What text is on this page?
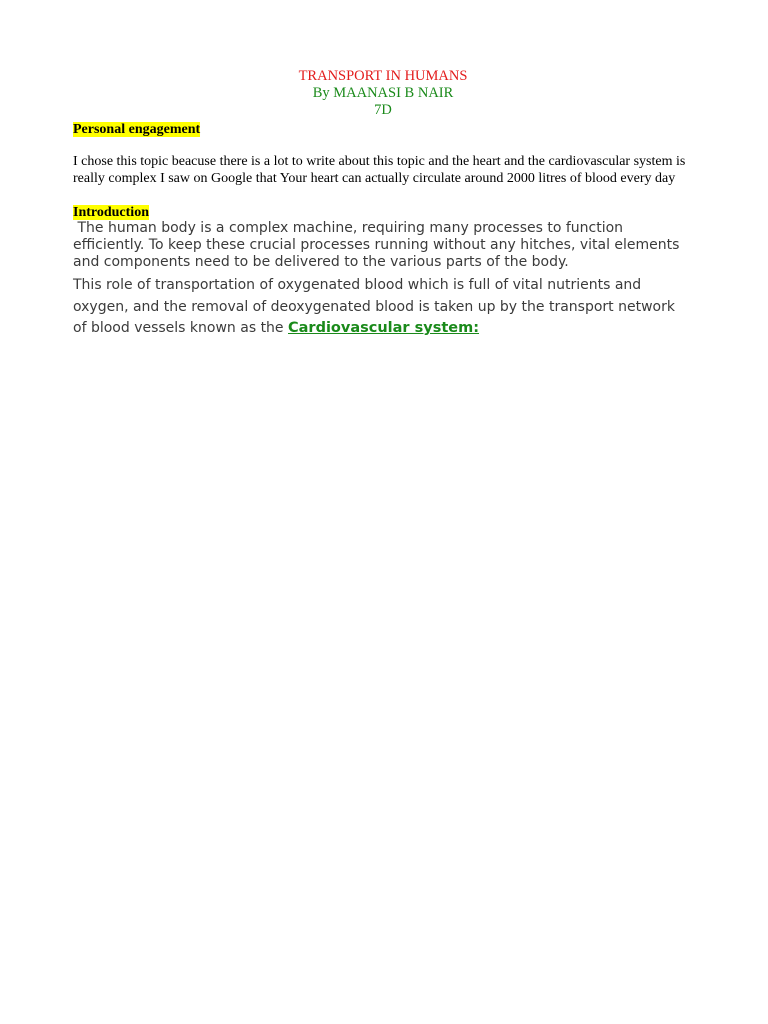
TRANSPORT IN HUMANS
By MAANASI B NAIR
7D
Personal engagement

I chose this topic beacuse there is a lot to write about this topic and the heart and the cardiovascular system is really complex I saw on Google that Your heart can actually circulate around 2000 litres of blood every day

Introduction

The human body is a complex machine, requiring many processes to function efficiently. To keep these crucial processes running without any hitches, vital elements and components need to be delivered to the various parts of the body.

This role of transportation of oxygenated blood which is full of vital nutrients and oxygen, and the removal of deoxygenated blood is taken up by the transport network of blood vessels known as the Cardiovascular system:
